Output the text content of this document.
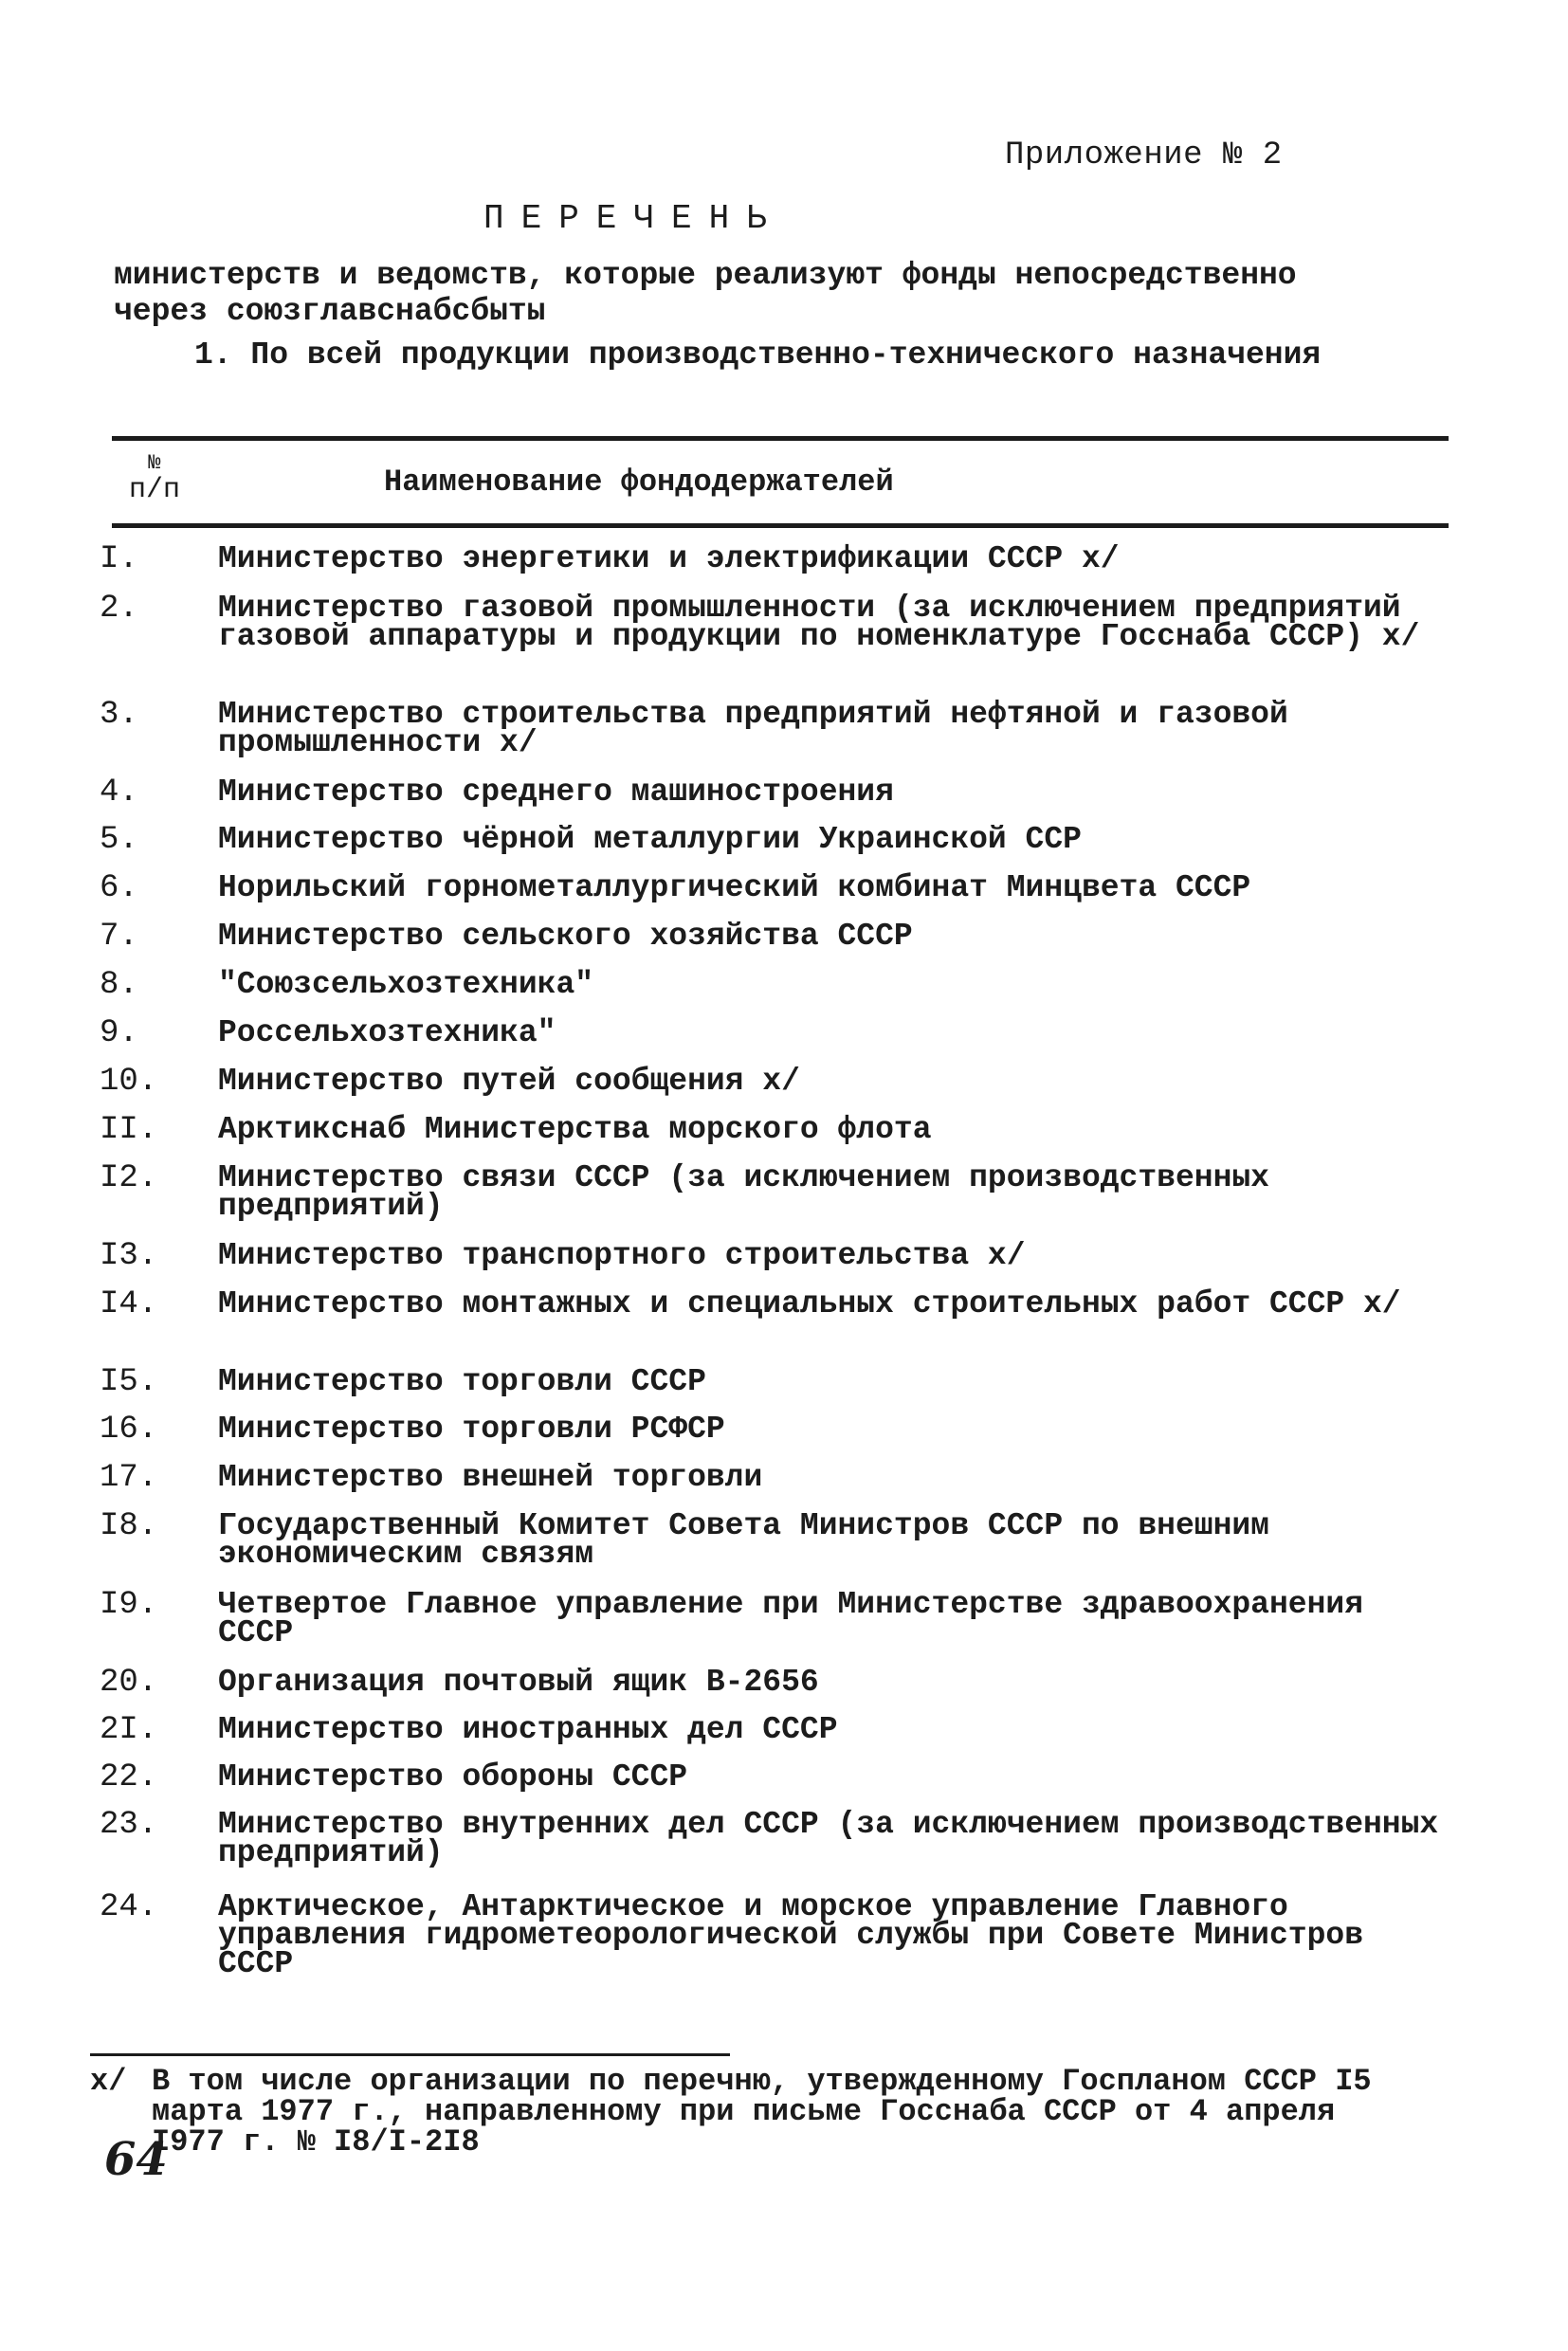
Приложение № 2
ПЕРЕЧЕНЬ
министерств и ведомств, которые реализуют фонды непосредственно через союзглавснабсбыты
1. По всей продукции производственно-технического назначения
№
п/п	Наименование фондодержателей
I.	Министерство энергетики и электрификации СССР x/
2.	Министерство газовой промышленности (за исключением предприятий газовой аппаратуры и продукции по номенклатуре Госснаба СССР) x/
3.	Министерство строительства предприятий нефтяной и газовой промышленности x/
4.	Министерство среднего машиностроения
5.	Министерство чёрной металлургии Украинской ССР
6.	Норильский горнометаллургический комбинат Минцвета СССР
7.	Министерство сельского хозяйства СССР
8.	"Союзсельхозтехника"
9.	Россельхозтехника"
10.	Министерство путей сообщения x/
II.	Арктикснаб Министерства морского флота
I2.	Министерство связи СССР (за исключением производственных предприятий)
I3.	Министерство транспортного строительства x/
I4.	Министерство монтажных и специальных строительных работ СССР x/
I5.	Министерство торговли СССР
16.	Министерство торговли РСФСР
17.	Министерство внешней торговли
I8.	Государственный Комитет Совета Министров СССР по внешним экономическим связям
I9.	Четвертое Главное управление при Министерстве здравоохранения СССР
20.	Организация почтовый ящик В-2656
2I.	Министерство иностранных дел СССР
22.	Министерство обороны СССР
23.	Министерство внутренних дел СССР (за исключением производственных предприятий)
24.	Арктическое, Антарктическое и морское управление Главного управления гидрометеорологической службы при Совете Министров СССР
x/ В том числе организации по перечню, утвержденному Госпланом СССР I5 марта 1977 г., направленному при письме Госснаба СССР от 4 апреля I977 г. № I8/I-2I8
64
